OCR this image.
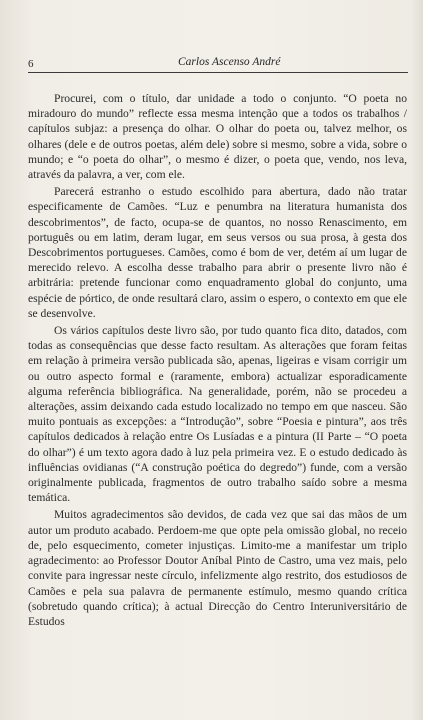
6	Carlos Ascenso André

Procurei, com o título, dar unidade a todo o conjunto. “O poeta no miradouro do mundo” reflecte essa mesma intenção que a todos os trabalhos / capítulos subjaz: a presença do olhar. O olhar do poeta ou, talvez melhor, os olhares (dele e de outros poetas, além dele) sobre si mesmo, sobre a vida, sobre o mundo; e “o poeta do olhar”, o mesmo é dizer, o poeta que, vendo, nos leva, através da palavra, a ver, com ele.

Parecerá estranho o estudo escolhido para abertura, dado não tratar especificamente de Camões. “Luz e penumbra na literatura humanista dos descobrimentos”, de facto, ocupa-se de quantos, no nosso Renascimento, em português ou em latim, deram lugar, em seus versos ou sua prosa, à gesta dos Descobrimentos portugueses. Camões, como é bom de ver, detém aí um lugar de merecido relevo. A escolha desse trabalho para abrir o presente livro não é arbitrária: pretende funcionar como enquadramento global do conjunto, uma espécie de pórtico, de onde resultará claro, assim o espero, o contexto em que ele se desenvolve.

Os vários capítulos deste livro são, por tudo quanto fica dito, datados, com todas as consequências que desse facto resultam. As alterações que foram feitas em relação à primeira versão publicada são, apenas, ligeiras e visam corrigir um ou outro aspecto formal e (raramente, embora) actualizar esporadicamente alguma referência bibliográfica. Na generalidade, porém, não se procedeu a alterações, assim deixando cada estudo localizado no tempo em que nasceu. São muito pontuais as excepções: a “Introdução”, sobre “Poesia e pintura”, aos três capítulos dedicados à relação entre Os Lusíadas e a pintura (II Parte – “O poeta do olhar”) é um texto agora dado à luz pela primeira vez. E o estudo dedicado às influências ovidianas (“A construção poética do degredo”) funde, com a versão originalmente publicada, fragmentos de outro trabalho saído sobre a mesma temática.

Muitos agradecimentos são devidos, de cada vez que sai das mãos de um autor um produto acabado. Perdoem-me que opte pela omissão global, no receio de, pelo esquecimento, cometer injustiças. Limito-me a manifestar um triplo agradecimento: ao Professor Doutor Aníbal Pinto de Castro, uma vez mais, pelo convite para ingressar neste círculo, infelizmente algo restrito, dos estudiosos de Camões e pela sua palavra de permanente estímulo, mesmo quando crítica (sobretudo quando crítica); à actual Direcção do Centro Interuniversitário de Estudos
